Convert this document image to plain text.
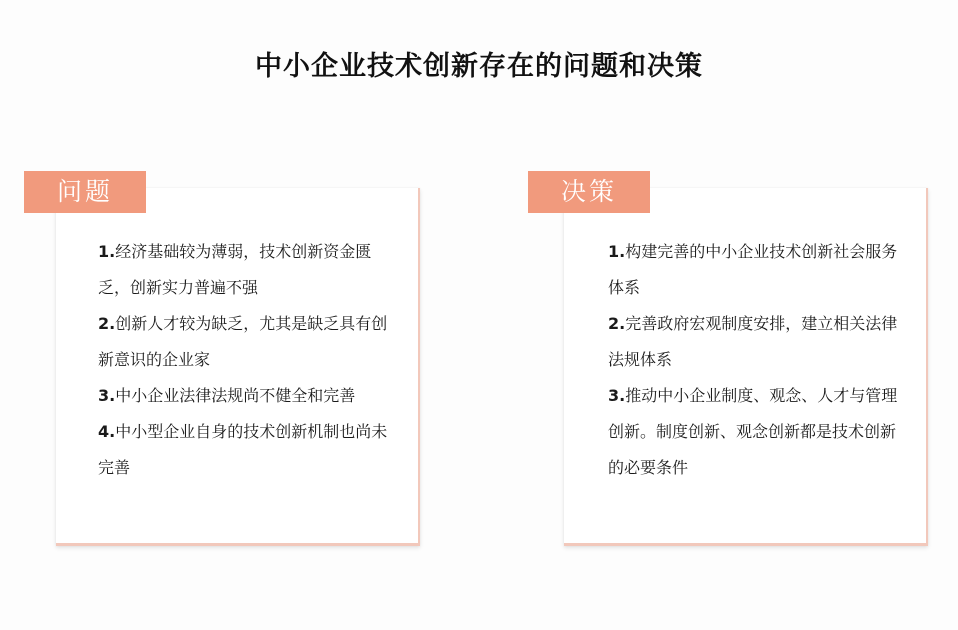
中小企业技术创新存在的问题和决策
问题
1.经济基础较为薄弱，技术创新资金匮乏，创新实力普遍不强
2.创新人才较为缺乏，尤其是缺乏具有创新意识的企业家
3.中小企业法律法规尚不健全和完善
4.中小型企业自身的技术创新机制也尚未完善
决策
1.构建完善的中小企业技术创新社会服务体系
2.完善政府宏观制度安排，建立相关法律法规体系
3.推动中小企业制度、观念、人才与管理创新。制度创新、观念创新都是技术创新的必要条件
